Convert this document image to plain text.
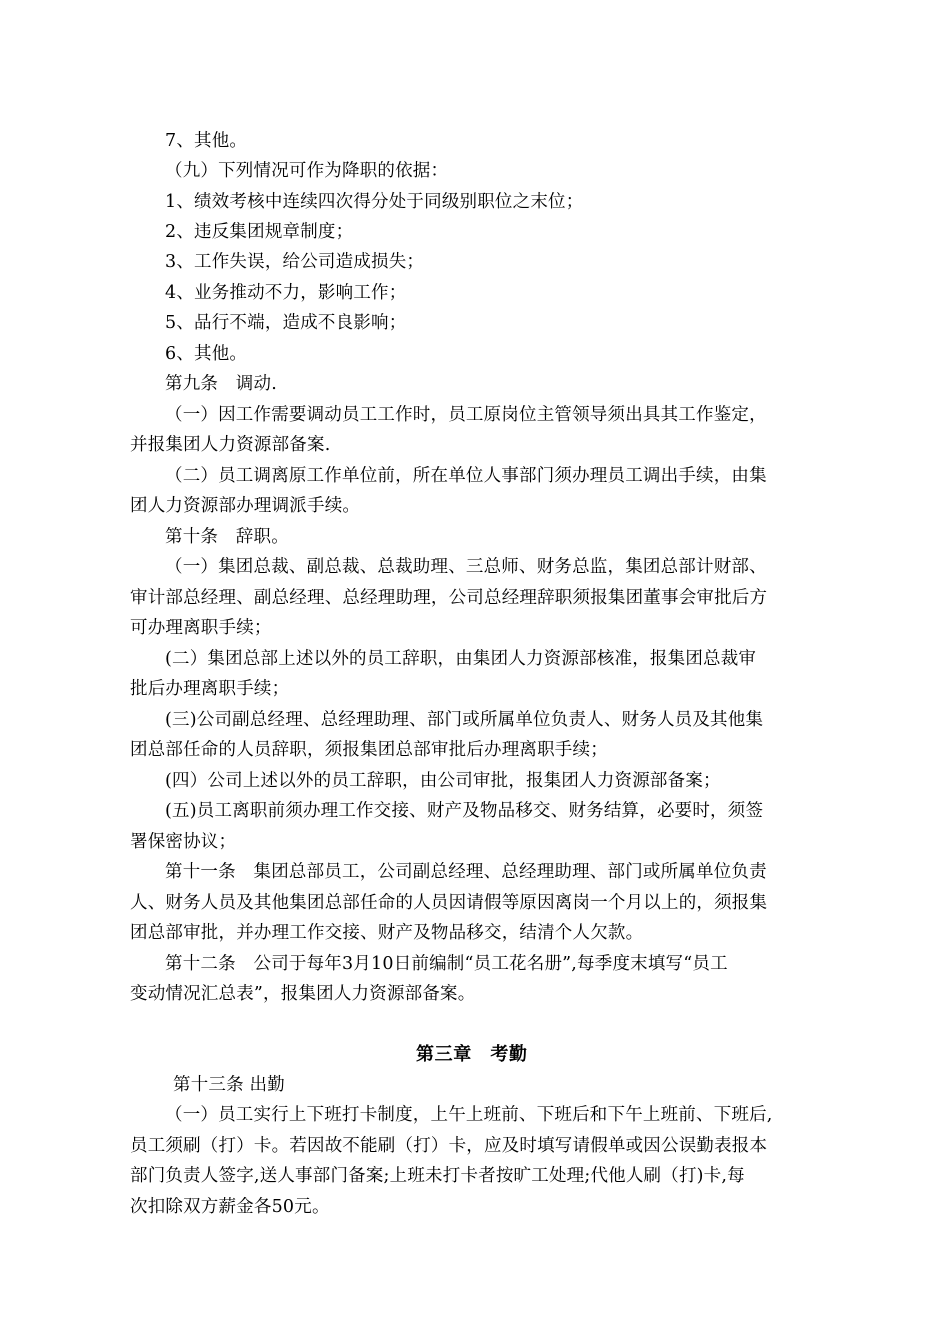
7、其他。
（九）下列情况可作为降职的依据：
1、绩效考核中连续四次得分处于同级别职位之末位；
2、违反集团规章制度；
3、工作失误，给公司造成损失；
4、业务推动不力，影响工作；
5、品行不端，造成不良影响；
6、其他。
第九条　调动.
（一）因工作需要调动员工工作时，员工原岗位主管领导须出具其工作鉴定，
并报集团人力资源部备案.
（二）员工调离原工作单位前，所在单位人事部门须办理员工调出手续，由集
团人力资源部办理调派手续。
第十条　辞职。
（一）集团总裁、副总裁、总裁助理、三总师、财务总监，集团总部计财部、
审计部总经理、副总经理、总经理助理，公司总经理辞职须报集团董事会审批后方
可办理离职手续；
(二）集团总部上述以外的员工辞职，由集团人力资源部核准，报集团总裁审
批后办理离职手续；
(三)公司副总经理、总经理助理、部门或所属单位负责人、财务人员及其他集
团总部任命的人员辞职，须报集团总部审批后办理离职手续；
(四）公司上述以外的员工辞职，由公司审批，报集团人力资源部备案；
(五)员工离职前须办理工作交接、财产及物品移交、财务结算，必要时，须签
署保密协议；
第十一条　集团总部员工，公司副总经理、总经理助理、部门或所属单位负责
人、财务人员及其他集团总部任命的人员因请假等原因离岗一个月以上的，须报集
团总部审批，并办理工作交接、财产及物品移交，结清个人欠款。
第十二条　公司于每年3月10日前编制“员工花名册”,每季度末填写“员工
变动情况汇总表”，报集团人力资源部备案。
第三章　考勤
第十三条 出勤
（一）员工实行上下班打卡制度，上午上班前、下班后和下午上班前、下班后,
员工须刷（打）卡。若因故不能刷（打）卡，应及时填写请假单或因公误勤表报本
部门负责人签字,送人事部门备案;上班未打卡者按旷工处理;代他人刷（打)卡,每
次扣除双方薪金各50元。
